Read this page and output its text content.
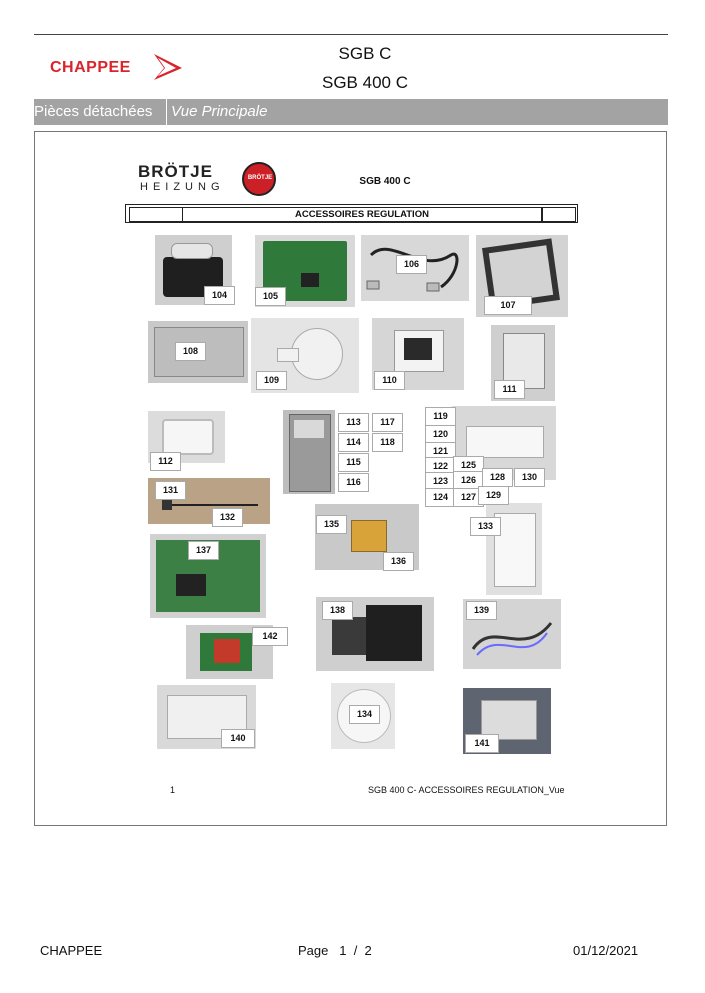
CHAPPEE
SGB C
SGB 400 C
Pièces détachées	Vue Principale
BRÖTJE
HEIZUNG
BRÖTJE	SGB 400 C
ACCESSOIRES REGULATION
104	105
106
107
108
109	110
111
112
113
114
115
116
117
118
119
120
121
122
123
124
125
126
127
128
129
130
131
132
133
134
135
136
137
138	139
140	141
142
1	SGB 400 C- ACCESSOIRES REGULATION_Vue
CHAPPEE	Page 1 / 2	01/12/2021
